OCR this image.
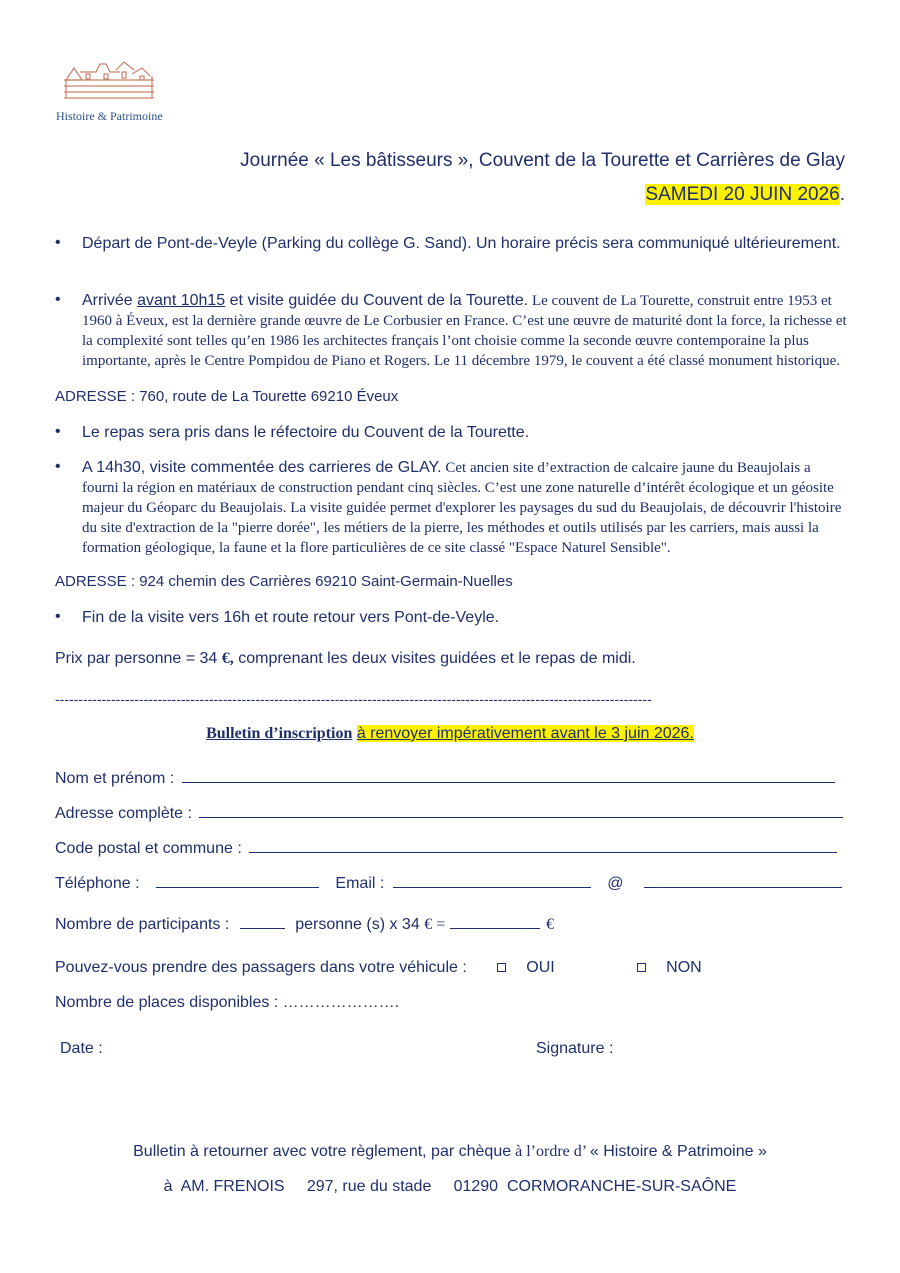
Histoire & Patrimoine
Journée « Les bâtisseurs », Couvent de la Tourette et Carrières de Glay
SAMEDI 20 JUIN 2026.
• Départ de Pont-de-Veyle (Parking du collège G. Sand). Un horaire précis sera communiqué ultérieurement.
• Arrivée avant 10h15 et visite guidée du Couvent de la Tourette. Le couvent de La Tourette, construit entre 1953 et 1960 à Éveux, est la dernière grande œuvre de Le Corbusier en France. C’est une œuvre de maturité dont la force, la richesse et la complexité sont telles qu’en 1986 les architectes français l’ont choisie comme la seconde œuvre contemporaine la plus importante, après le Centre Pompidou de Piano et Rogers. Le 11 décembre 1979, le couvent a été classé monument historique.
ADRESSE : 760, route de La Tourette 69210 Éveux
• Le repas sera pris dans le réfectoire du Couvent de la Tourette.
• A 14h30, visite commentée des carrieres de GLAY. Cet ancien site d’extraction de calcaire jaune du Beaujolais a fourni la région en matériaux de construction pendant cinq siècles. C’est une zone naturelle d’intérêt écologique et un géosite majeur du Géoparc du Beaujolais. La visite guidée permet d'explorer les paysages du sud du Beaujolais, de découvrir l'histoire du site d'extraction de la "pierre dorée", les métiers de la pierre, les méthodes et outils utilisés par les carriers, mais aussi la formation géologique, la faune et la flore particulières de ce site classé "Espace Naturel Sensible".
ADRESSE : 924 chemin des Carrières 69210 Saint-Germain-Nuelles
• Fin de la visite vers 16h et route retour vers Pont-de-Veyle.
Prix par personne = 34 €, comprenant les deux visites guidées et le repas de midi.
--------------------------------------------------------------------------------------------------------------------------------
Bulletin d’inscription à renvoyer impérativement avant le 3 juin 2026.
Nom et prénom :
Adresse complète :
Code postal et commune :
Téléphone :	Email :	@
Nombre de participants :	personne (s) x 34 € =	€
Pouvez-vous prendre des passagers dans votre véhicule :	OUI	NON
Nombre de places disponibles : ………………….
Date :	Signature :
Bulletin à retourner avec votre règlement, par chèque à l’ordre d’ « Histoire & Patrimoine »
à  AM. FRENOIS     297, rue du stade     01290  CORMORANCHE-SUR-SAÔNE
